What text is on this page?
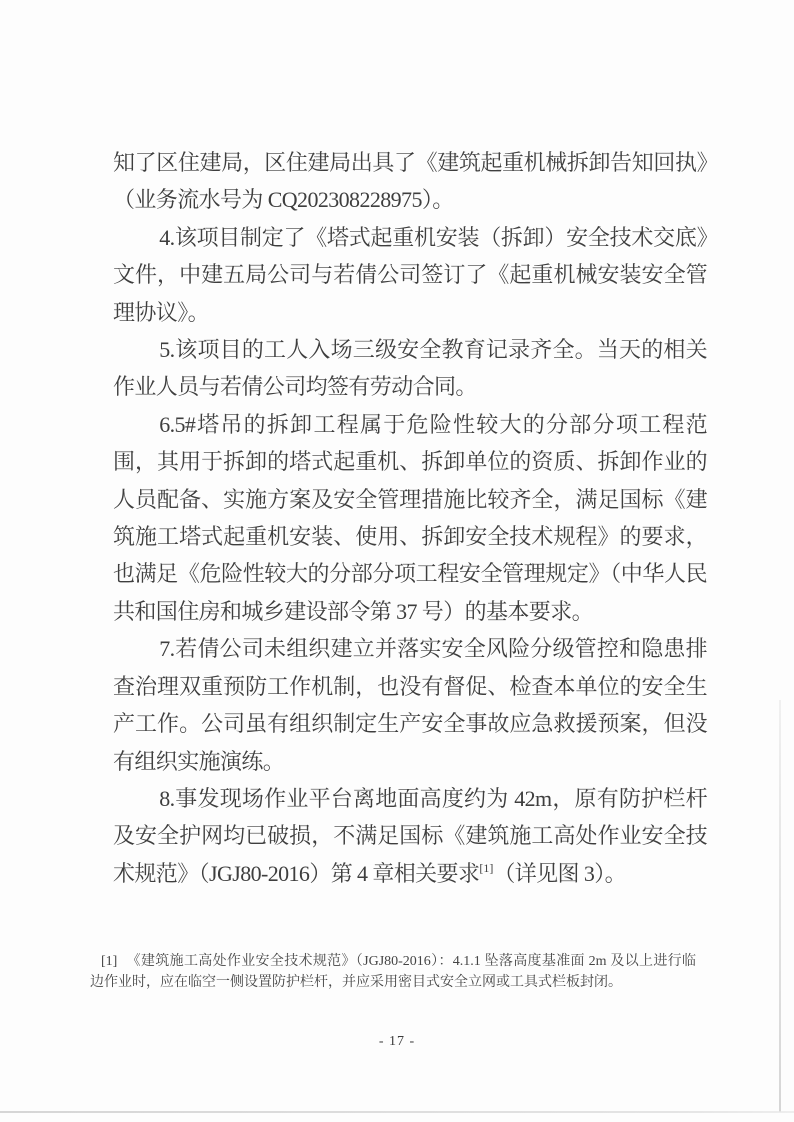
知了区住建局，区住建局出具了《建筑起重机械拆卸告知回执》（业务流水号为 CQ202308228975）。

4.该项目制定了《塔式起重机安装（拆卸）安全技术交底》文件，中建五局公司与若倩公司签订了《起重机械安装安全管理协议》。

5.该项目的工人入场三级安全教育记录齐全。当天的相关作业人员与若倩公司均签有劳动合同。

6.5#塔吊的拆卸工程属于危险性较大的分部分项工程范围，其用于拆卸的塔式起重机、拆卸单位的资质、拆卸作业的人员配备、实施方案及安全管理措施比较齐全，满足国标《建筑施工塔式起重机安装、使用、拆卸安全技术规程》的要求，也满足《危险性较大的分部分项工程安全管理规定》（中华人民共和国住房和城乡建设部令第 37 号）的基本要求。

7.若倩公司未组织建立并落实安全风险分级管控和隐患排查治理双重预防工作机制，也没有督促、检查本单位的安全生产工作。公司虽有组织制定生产安全事故应急救援预案，但没有组织实施演练。

8.事发现场作业平台离地面高度约为 42m，原有防护栏杆及安全护网均已破损，不满足国标《建筑施工高处作业安全技术规范》（JGJ80-2016）第 4 章相关要求[1]（详见图 3）。

[1] 《建筑施工高处作业安全技术规范》（JGJ80-2016）：4.1.1 坠落高度基准面 2m 及以上进行临边作业时，应在临空一侧设置防护栏杆，并应采用密目式安全立网或工具式栏板封闭。
- 17 -
